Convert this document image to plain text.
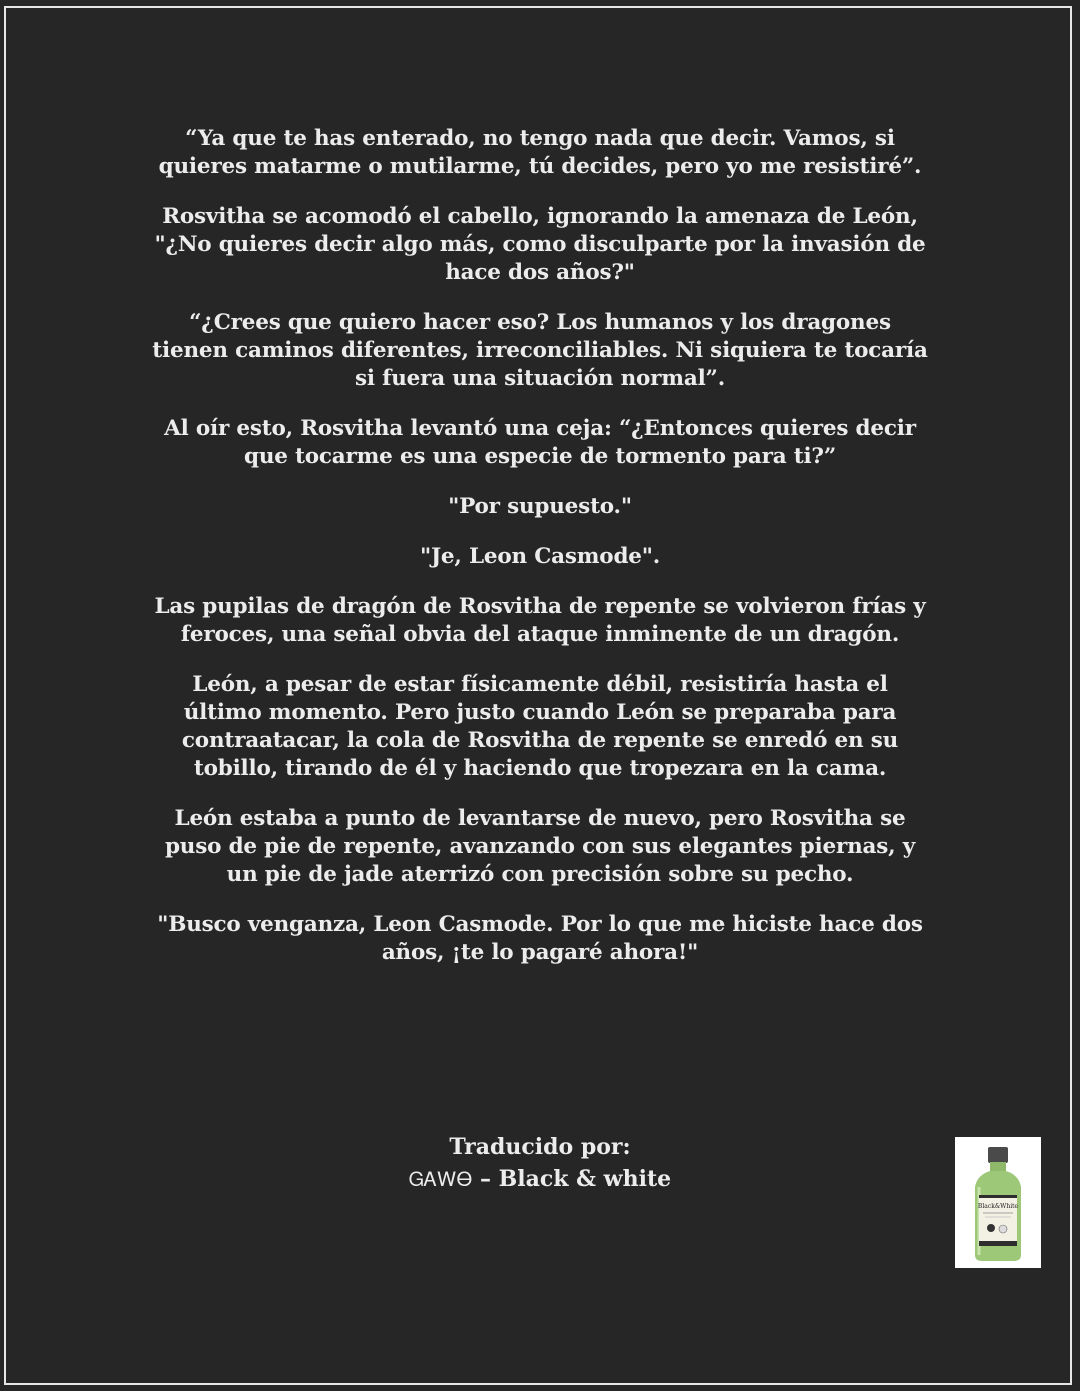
“Ya que te has enterado, no tengo nada que decir. Vamos, si quieres matarme o mutilarme, tú decides, pero yo me resistiré”.

Rosvitha se acomodó el cabello, ignorando la amenaza de León, "¿No quieres decir algo más, como disculparte por la invasión de hace dos años?"

“¿Crees que quiero hacer eso? Los humanos y los dragones tienen caminos diferentes, irreconciliables. Ni siquiera te tocaría si fuera una situación normal”.

Al oír esto, Rosvitha levantó una ceja: “¿Entonces quieres decir que tocarme es una especie de tormento para ti?”

"Por supuesto."

"Je, Leon Casmode".

Las pupilas de dragón de Rosvitha de repente se volvieron frías y feroces, una señal obvia del ataque inminente de un dragón.

León, a pesar de estar físicamente débil, resistiría hasta el último momento. Pero justo cuando León se preparaba para contraatacar, la cola de Rosvitha de repente se enredó en su tobillo, tirando de él y haciendo que tropezara en la cama.

León estaba a punto de levantarse de nuevo, pero Rosvitha se puso de pie de repente, avanzando con sus elegantes piernas, y un pie de jade aterrizó con precisión sobre su pecho.

"Busco venganza, Leon Casmode. Por lo que me hiciste hace dos años, ¡te lo pagaré ahora!"

Traducido por:
ᏀᎪᎳᎾ – Black & white
Black&White
